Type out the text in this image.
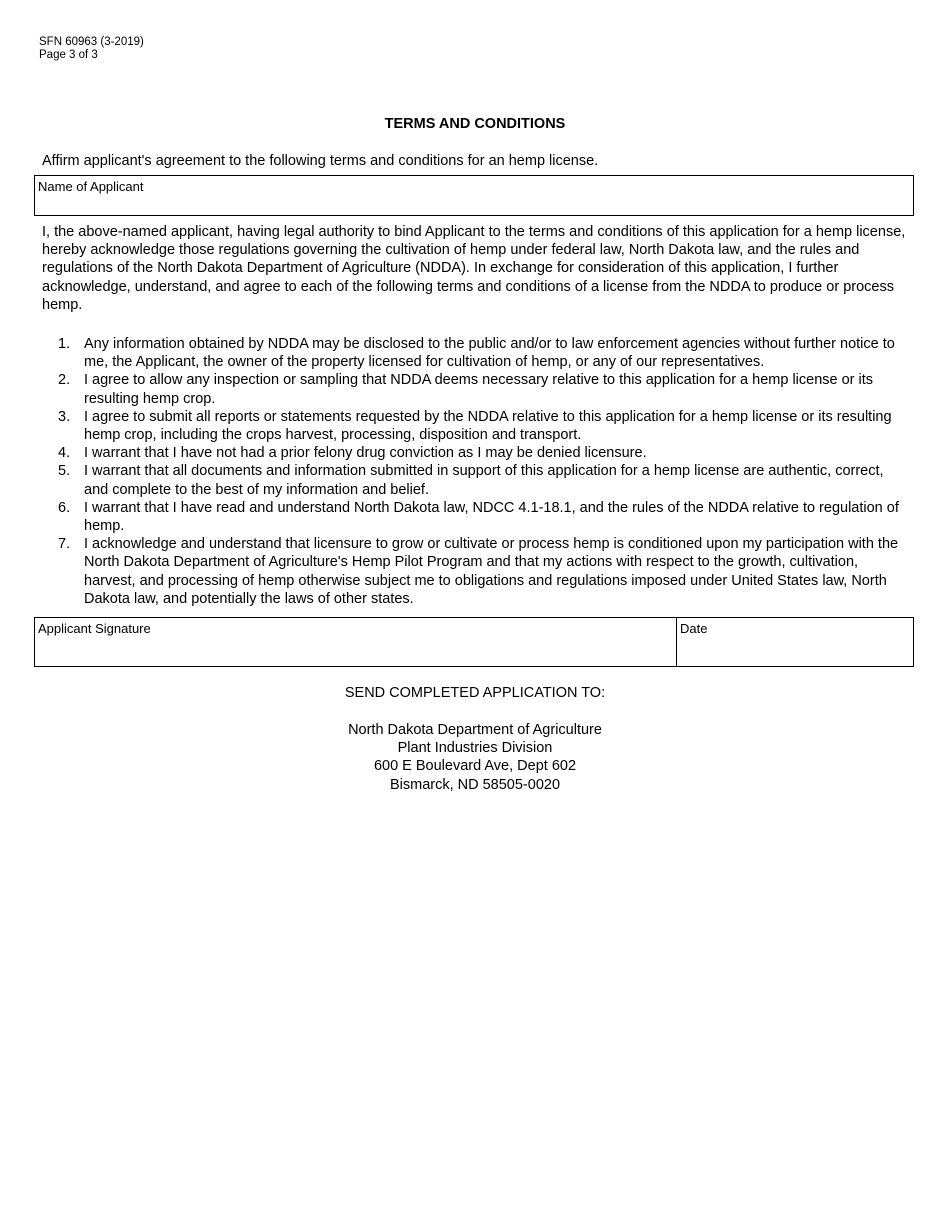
SFN 60963 (3-2019)
Page 3 of 3
TERMS AND CONDITIONS
Affirm applicant's agreement to the following terms and conditions for an hemp license.
Name of Applicant

I, the above-named applicant, having legal authority to bind Applicant to the terms and conditions of this application for a hemp license, hereby acknowledge those regulations governing the cultivation of hemp under federal law, North Dakota law, and the rules and regulations of the North Dakota Department of Agriculture (NDDA). In exchange for consideration of this application, I further acknowledge, understand, and agree to each of the following terms and conditions of a license from the NDDA to produce or process hemp.

1. Any information obtained by NDDA may be disclosed to the public and/or to law enforcement agencies without further notice to me, the Applicant, the owner of the property licensed for cultivation of hemp, or any of our representatives.
2. I agree to allow any inspection or sampling that NDDA deems necessary relative to this application for a hemp license or its resulting hemp crop.
3. I agree to submit all reports or statements requested by the NDDA relative to this application for a hemp license or its resulting hemp crop, including the crops harvest, processing, disposition and transport.
4. I warrant that I have not had a prior felony drug conviction as I may be denied licensure.
5. I warrant that all documents and information submitted in support of this application for a hemp license are authentic, correct, and complete to the best of my information and belief.
6. I warrant that I have read and understand North Dakota law, NDCC 4.1-18.1, and the rules of the NDDA relative to regulation of hemp.
7. I acknowledge and understand that licensure to grow or cultivate or process hemp is conditioned upon my participation with the North Dakota Department of Agriculture's Hemp Pilot Program and that my actions with respect to the growth, cultivation, harvest, and processing of hemp otherwise subject me to obligations and regulations imposed under United States law, North Dakota law, and potentially the laws of other states.
Applicant Signature	Date
SEND COMPLETED APPLICATION TO:
North Dakota Department of Agriculture
Plant Industries Division
600 E Boulevard Ave, Dept 602
Bismarck, ND 58505-0020
